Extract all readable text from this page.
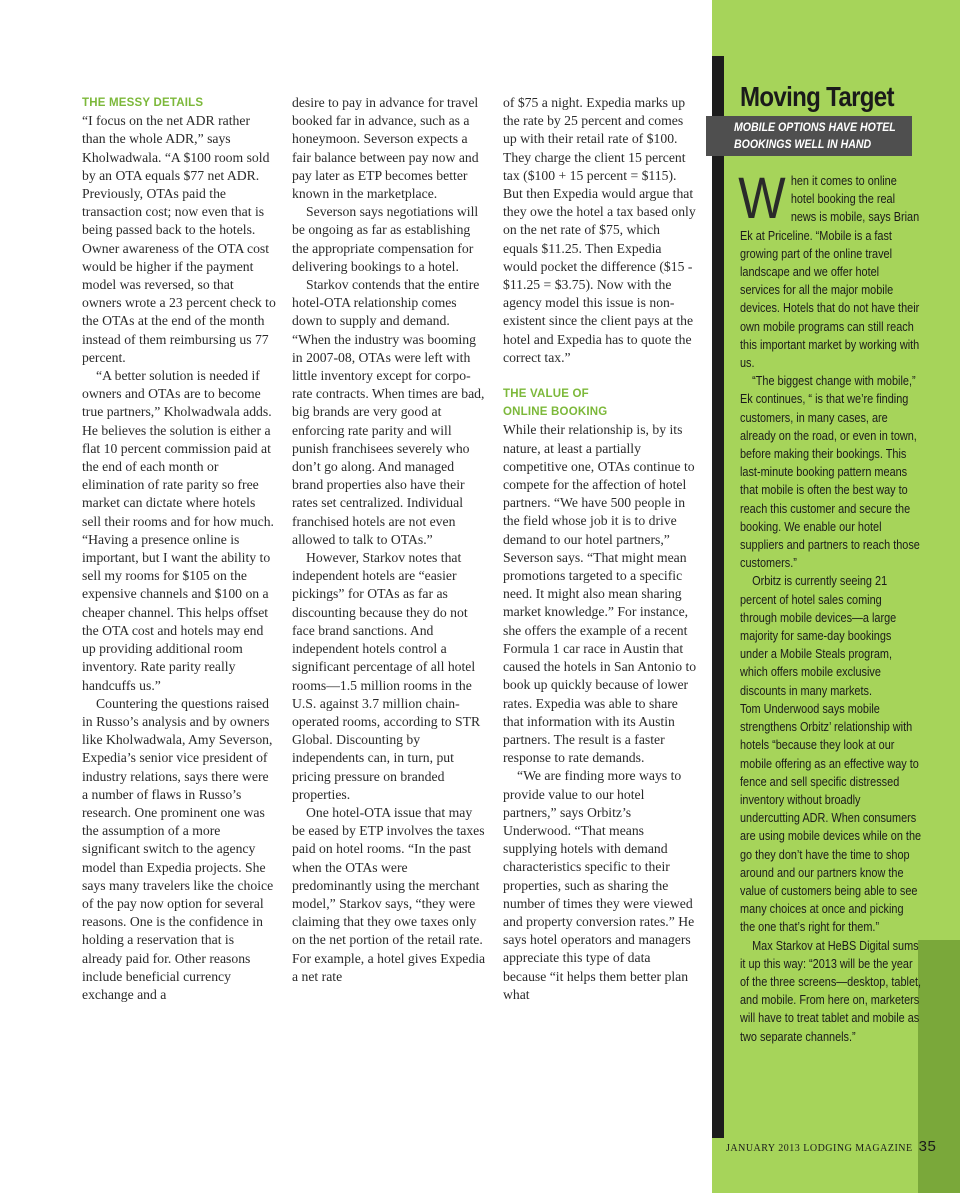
THE MESSY DETAILS

“I focus on the net ADR rather than the whole ADR,” says Kholwadwala. “A $100 room sold by an OTA equals $77 net ADR. Previously, OTAs paid the transaction cost; now even that is being passed back to the hotels. Owner awareness of the OTA cost would be higher if the payment model was reversed, so that owners wrote a 23 percent check to the OTAs at the end of the month instead of them reimbursing us 77 percent.

“A better solution is needed if owners and OTAs are to become true partners,” Kholwadwala adds. He believes the solution is either a flat 10 percent commission paid at the end of each month or elimination of rate parity so free market can dictate where hotels sell their rooms and for how much. “Having a presence online is important, but I want the ability to sell my rooms for $105 on the expensive channels and $100 on a cheaper channel. This helps offset the OTA cost and hotels may end up providing additional room inventory. Rate parity really handcuffs us.”

Countering the questions raised in Russo’s analysis and by owners like Kholwadwala, Amy Severson, Expedia’s senior vice president of industry relations, says there were a number of flaws in Russo’s research. One prominent one was the assumption of a more significant switch to the agency model than Expedia projects. She says many travelers like the choice of the pay now option for several reasons. One is the confidence in holding a reservation that is already paid for. Other reasons include beneficial currency exchange and a

desire to pay in advance for travel booked far in advance, such as a honeymoon. Severson expects a fair balance between pay now and pay later as ETP becomes better known in the marketplace.

Severson says negotiations will be ongoing as far as establishing the appropriate compensation for delivering bookings to a hotel.

Starkov contends that the entire hotel-OTA relationship comes down to supply and demand. “When the industry was booming in 2007-08, OTAs were left with little inventory except for corporate contracts. When times are bad, big brands are very good at enforcing rate parity and will punish franchisees severely who don’t go along. And managed brand properties also have their rates set centralized. Individual franchised hotels are not even allowed to talk to OTAs.”

However, Starkov notes that independent hotels are “easier pickings” for OTAs as far as discounting because they do not face brand sanctions. And independent hotels control a significant percentage of all hotel rooms—1.5 million rooms in the U.S. against 3.7 million chain-operated rooms, according to STR Global. Discounting by independents can, in turn, put pricing pressure on branded properties.

One hotel-OTA issue that may be eased by ETP involves the taxes paid on hotel rooms. “In the past when the OTAs were predominantly using the merchant model,” Starkov says, “they were claiming that they owe taxes only on the net portion of the retail rate. For example, a hotel gives Expedia a net rate

of $75 a night. Expedia marks up the rate by 25 percent and comes up with their retail rate of $100. They charge the client 15 percent tax ($100 + 15 percent = $115). But then Expedia would argue that they owe the hotel a tax based only on the net rate of $75, which equals $11.25. Then Expedia would pocket the difference ($15 - $11.25 = $3.75). Now with the agency model this issue is non-existent since the client pays at the hotel and Expedia has to quote the correct tax.”

THE VALUE OF
ONLINE BOOKING

While their relationship is, by its nature, at least a partially competitive one, OTAs continue to compete for the affection of hotel partners. “We have 500 people in the field whose job it is to drive demand to our hotel partners,” Severson says. “That might mean promotions targeted to a specific need. It might also mean sharing market knowledge.” For instance, she offers the example of a recent Formula 1 car race in Austin that caused the hotels in San Antonio to book up quickly because of lower rates. Expedia was able to share that information with its Austin partners. The result is a faster response to rate demands.

“We are finding more ways to provide value to our hotel partners,” says Orbitz’s Underwood. “That means supplying hotels with demand characteristics specific to their properties, such as sharing the number of times they were viewed and property conversion rates.” He says hotel operators and managers appreciate this type of data because “it helps them better plan what

Moving Target
MOBILE OPTIONS HAVE HOTEL
BOOKINGS WELL IN HAND

When it comes to online hotel booking the real news is mobile, says Brian Ek at Priceline. “Mobile is a fast growing part of the online travel landscape and we offer hotel services for all the major mobile devices. Hotels that do not have their own mobile programs can still reach this important market by working with us.

“The biggest change with mobile,” Ek continues, “ is that we’re finding customers, in many cases, are already on the road, or even in town, before making their bookings. This last-minute booking pattern means that mobile is often the best way to reach this customer and secure the booking. We enable our hotel suppliers and partners to reach those customers.”

Orbitz is currently seeing 21 percent of hotel sales coming through mobile devices—a large majority for same-day bookings under a Mobile Steals program, which offers mobile exclusive discounts in many markets.

Tom Underwood says mobile strengthens Orbitz’ relationship with hotels “because they look at our mobile offering as an effective way to fence and sell specific distressed inventory without broadly undercutting ADR. When consumers are using mobile devices while on the go they don’t have the time to shop around and our partners know the value of customers being able to see many choices at once and picking the one that’s right for them.”

Max Starkov at HeBS Digital sums it up this way: “2013 will be the year of the three screens—desktop, tablet, and mobile. From here on, marketers will have to treat tablet and mobile as two separate channels.”

JANUARY 2013 LODGING MAGAZINE 35
